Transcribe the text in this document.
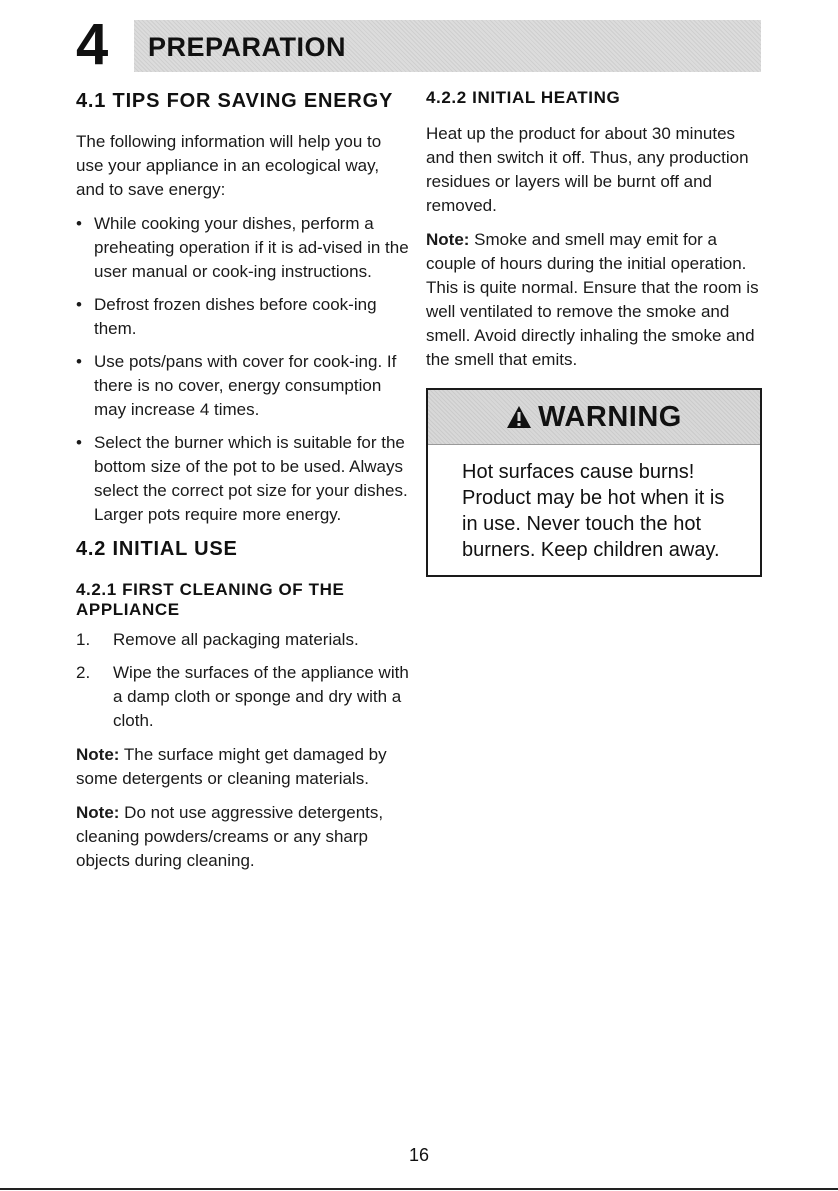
4 PREPARATION
4.1 TIPS FOR SAVING ENERGY

The following information will help you to use your appliance in an ecological way, and to save energy:

• While cooking your dishes, perform a preheating operation if it is ad-vised in the user manual or cook-ing instructions.
• Defrost frozen dishes before cook-ing them.
• Use pots/pans with cover for cook-ing. If there is no cover, energy consumption may increase 4 times.
• Select the burner which is suitable for the bottom size of the pot to be used. Always select the correct pot size for your dishes. Larger pots require more energy.
4.2 INITIAL USE
4.2.1 FIRST CLEANING OF THE APPLIANCE
1. Remove all packaging materials.
2. Wipe the surfaces of the appliance with a damp cloth or sponge and dry with a cloth.

Note: The surface might get damaged by some detergents or cleaning materials.

Note: Do not use aggressive detergents, cleaning powders/creams or any sharp objects during cleaning.

4.2.2 INITIAL HEATING

Heat up the product for about 30 minutes and then switch it off. Thus, any production residues or layers will be burnt off and removed.

Note: Smoke and smell may emit for a couple of hours during the initial operation. This is quite normal. Ensure that the room is well ventilated to remove the smoke and smell. Avoid directly inhaling the smoke and the smell that emits.

WARNING
Hot surfaces cause burns! Product may be hot when it is in use. Never touch the hot burners. Keep children away.
16
